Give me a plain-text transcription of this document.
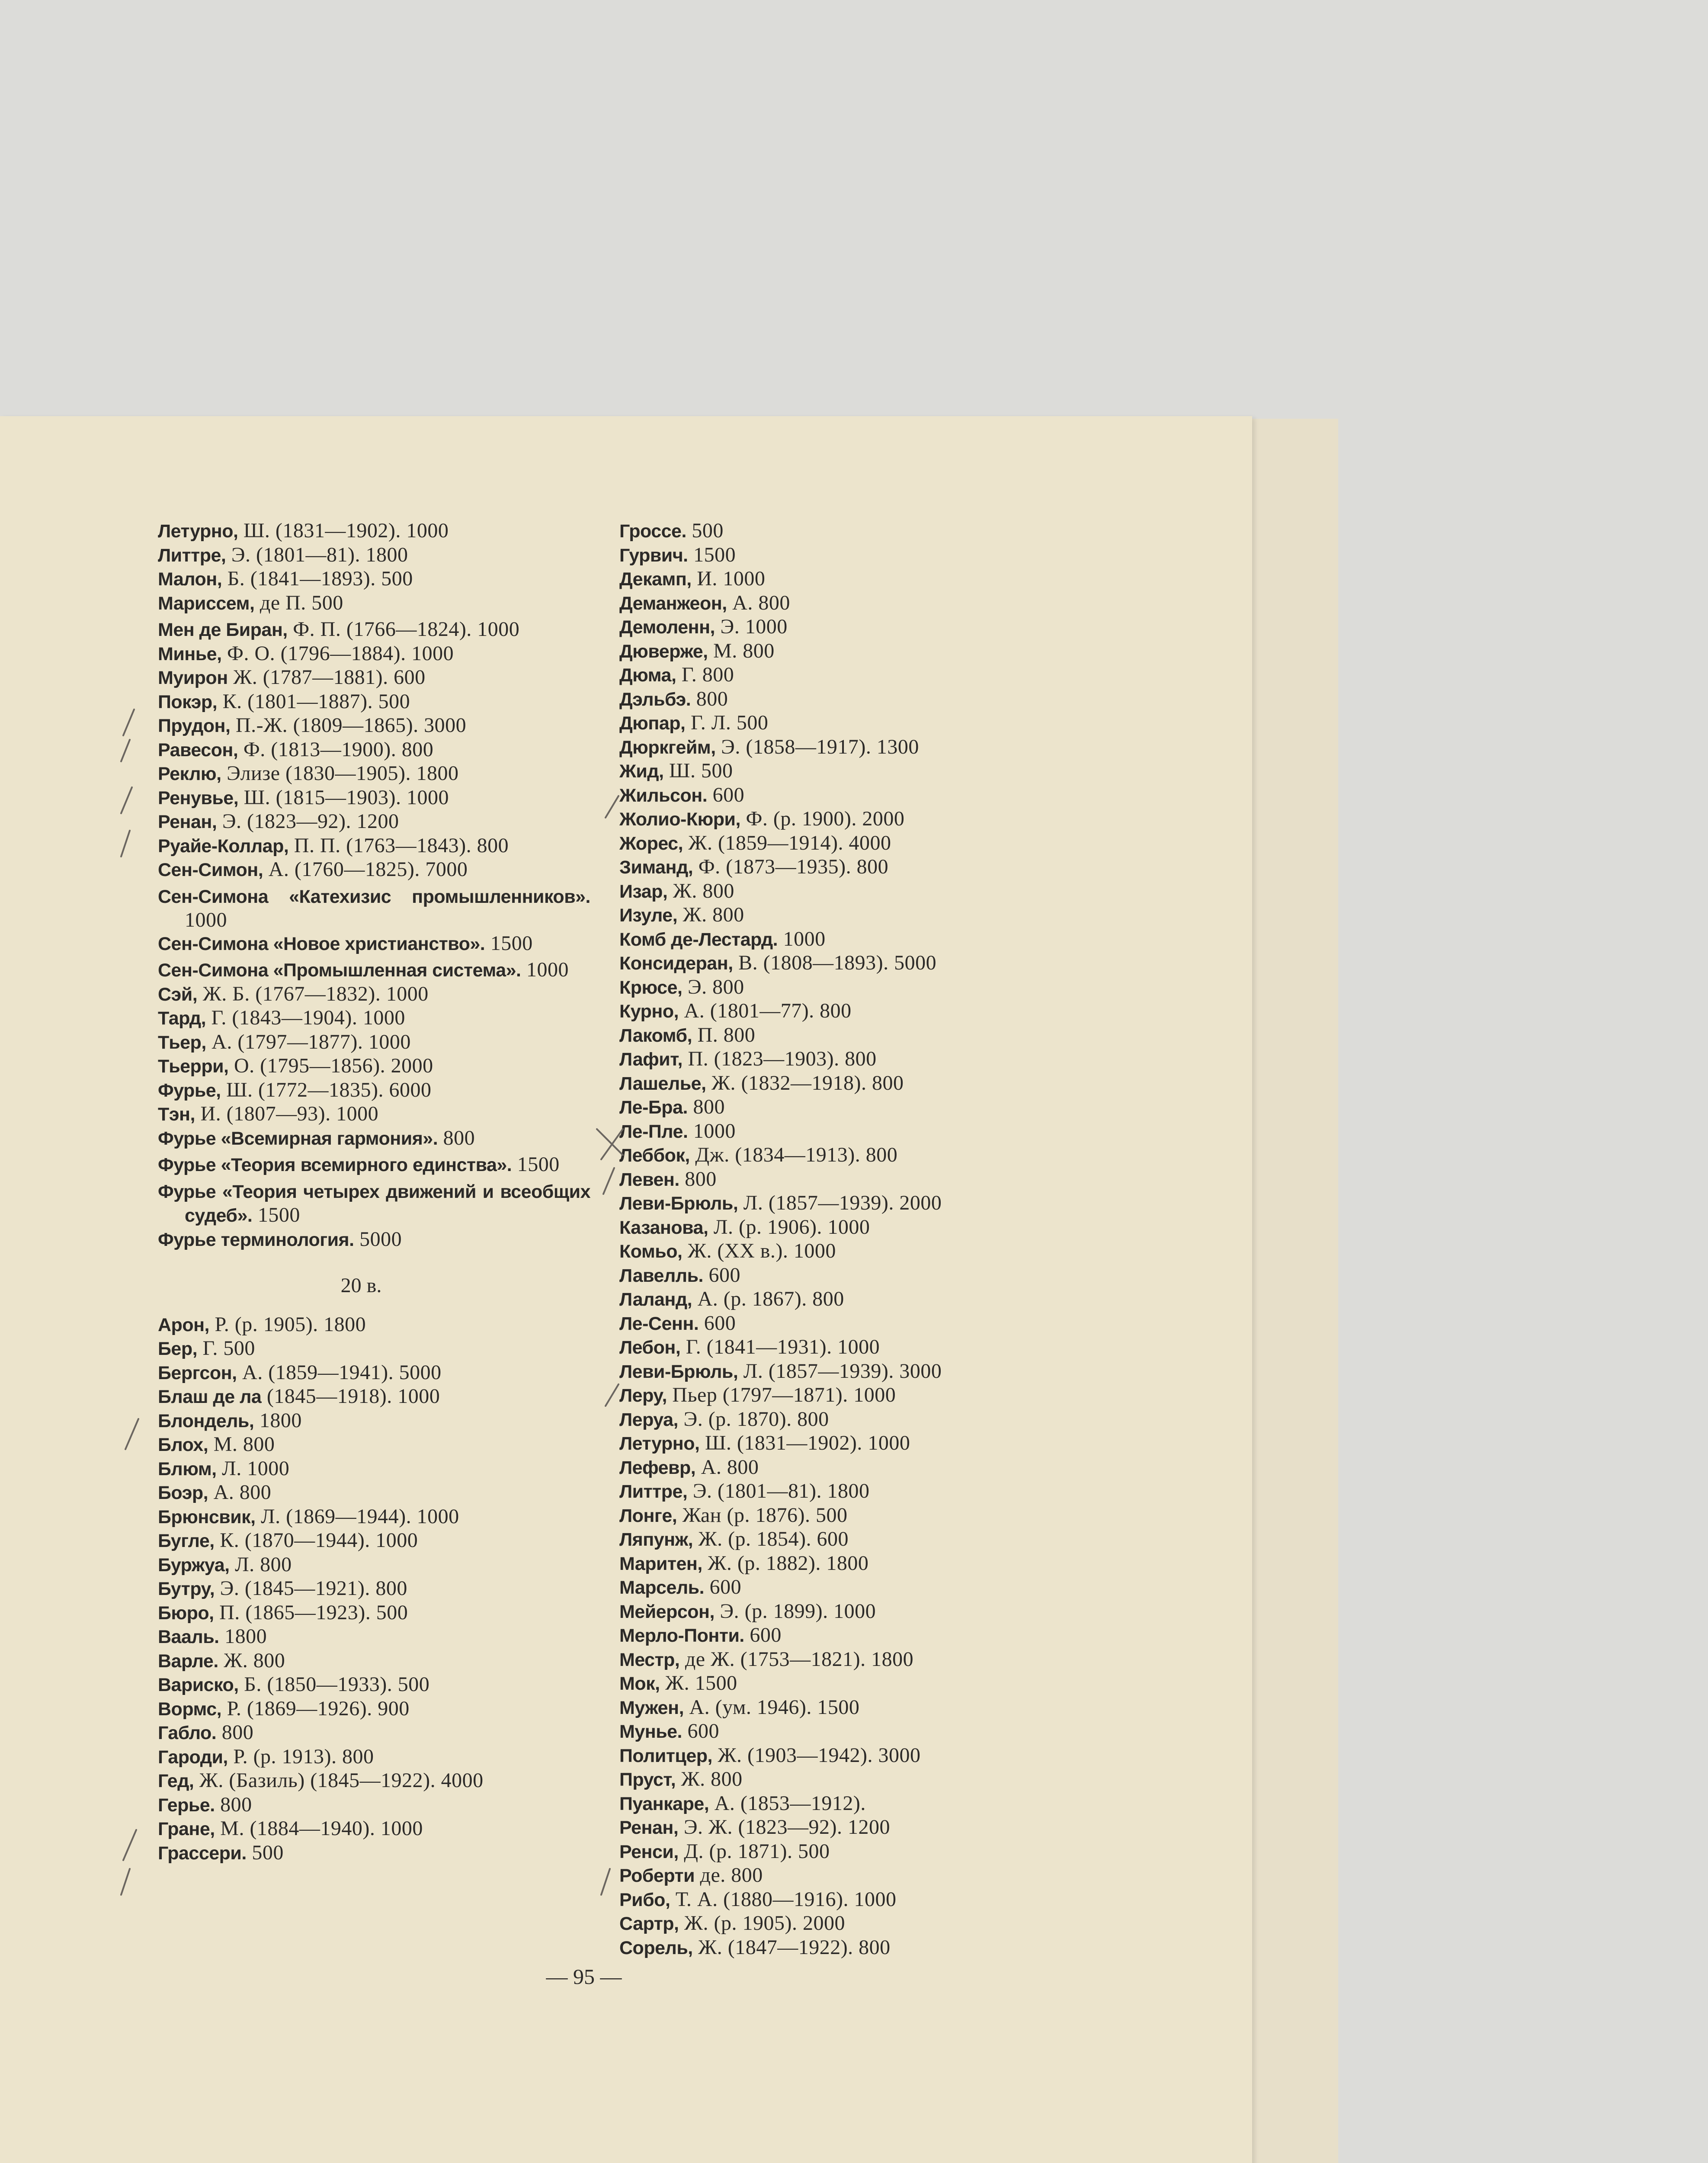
Летурно, Ш. (1831—1902). 1000
Литтре, Э. (1801—81). 1800
Малон, Б. (1841—1893). 500
Мариссем, де П. 500
Мен де Биран, Ф. П. (1766—1824). 1000
Минье, Ф. О. (1796—1884). 1000
Муирон Ж. (1787—1881). 600
Покэр, К. (1801—1887). 500
Прудон, П.-Ж. (1809—1865). 3000
Равесон, Ф. (1813—1900). 800
Реклю, Элизе (1830—1905). 1800
Ренувье, Ш. (1815—1903). 1000
Ренан, Э. (1823—92). 1200
Руайе-Коллар, П. П. (1763—1843). 800
Сен-Симон, А. (1760—1825). 7000
Сен-Симона «Катехизис промышленников». 1000
Сен-Симона «Новое христианство». 1500
Сен-Симона «Промышленная система». 1000
Сэй, Ж. Б. (1767—1832). 1000
Тард, Г. (1843—1904). 1000
Тьер, А. (1797—1877). 1000
Тьерри, О. (1795—1856). 2000
Фурье, Ш. (1772—1835). 6000
Тэн, И. (1807—93). 1000
Фурье «Всемирная гармония». 800
Фурье «Теория всемирного единства». 1500
Фурье «Теория четырех движений и всеобщих судеб». 1500
Фурье терминология. 5000
20 в.
Арон, Р. (р. 1905). 1800
Бер, Г. 500
Бергсон, А. (1859—1941). 5000
Блаш де ла (1845—1918). 1000
Блондель, 1800
Блох, М. 800
Блюм, Л. 1000
Боэр, А. 800
Брюнсвик, Л. (1869—1944). 1000
Бугле, К. (1870—1944). 1000
Буржуа, Л. 800
Бутру, Э. (1845—1921). 800
Бюро, П. (1865—1923). 500
Вааль. 1800
Варле. Ж. 800
Вариско, Б. (1850—1933). 500
Вормс, Р. (1869—1926). 900
Габло. 800
Гароди, Р. (р. 1913). 800
Гед, Ж. (Базиль) (1845—1922). 4000
Герье. 800
Гране, М. (1884—1940). 1000
Грассери. 500
Гроссе. 500
Гурвич. 1500
Декамп, И. 1000
Деманжеон, А. 800
Демоленн, Э. 1000
Дюверже, М. 800
Дюма, Г. 800
Дэльбэ. 800
Дюпар, Г. Л. 500
Дюркгейм, Э. (1858—1917). 1300
Жид, Ш. 500
Жильсон. 600
Жолио-Кюри, Ф. (р. 1900). 2000
Жорес, Ж. (1859—1914). 4000
Зиманд, Ф. (1873—1935). 800
Изар, Ж. 800
Изуле, Ж. 800
Комб де-Лестард. 1000
Консидеран, В. (1808—1893). 5000
Крюсе, Э. 800
Курно, А. (1801—77). 800
Лакомб, П. 800
Лафит, П. (1823—1903). 800
Лашелье, Ж. (1832—1918). 800
Ле-Бра. 800
Ле-Пле. 1000
Леббок, Дж. (1834—1913). 800
Левен. 800
Леви-Брюль, Л. (1857—1939). 2000
Казанова, Л. (р. 1906). 1000
Комьо, Ж. (XX в.). 1000
Лавелль. 600
Лаланд, А. (р. 1867). 800
Ле-Сенн. 600
Лебон, Г. (1841—1931). 1000
Леви-Брюль, Л. (1857—1939). 3000
Леру, Пьер (1797—1871). 1000
Леруа, Э. (р. 1870). 800
Летурно, Ш. (1831—1902). 1000
Лефевр, А. 800
Литтре, Э. (1801—81). 1800
Лонге, Жан (р. 1876). 500
Ляпунж, Ж. (р. 1854). 600
Маритен, Ж. (р. 1882). 1800
Марсель. 600
Мейерсон, Э. (р. 1899). 1000
Мерло-Понти. 600
Местр, де Ж. (1753—1821). 1800
Мок, Ж. 1500
Мужен, А. (ум. 1946). 1500
Мунье. 600
Политцер, Ж. (1903—1942). 3000
Пруст, Ж. 800
Пуанкаре, А. (1853—1912).
Ренан, Э. Ж. (1823—92). 1200
Ренси, Д. (р. 1871). 500
Роберти де. 800
Рибо, Т. А. (1880—1916). 1000
Сартр, Ж. (р. 1905). 2000
Сорель, Ж. (1847—1922). 800
— 95 —
